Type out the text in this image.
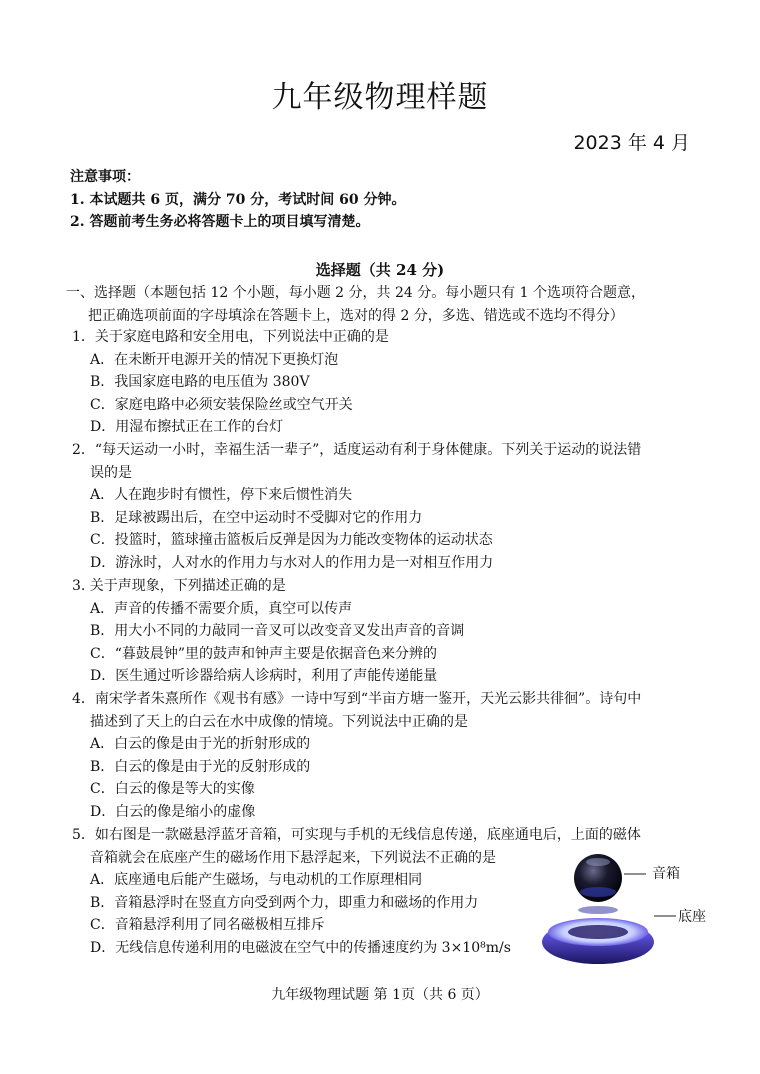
九年级物理样题
2023 年 4 月
注意事项：
1. 本试题共 6 页，满分 70 分，考试时间 60 分钟。
2. 答题前考生务必将答题卡上的项目填写清楚。
选择题（共 24 分)
一、选择题（本题包括 12 个小题，每小题 2 分，共 24 分。每小题只有 1 个选项符合题意，
把正确选项前面的字母填涂在答题卡上，选对的得 2 分，多选、错选或不选均不得分）
1．关于家庭电路和安全用电，下列说法中正确的是
A．在未断开电源开关的情况下更换灯泡
B．我国家庭电路的电压值为 380V
C．家庭电路中必须安装保险丝或空气开关
D．用湿布擦拭正在工作的台灯
2．“每天运动一小时，幸福生活一辈子”，适度运动有利于身体健康。下列关于运动的说法错
误的是
A．人在跑步时有惯性，停下来后惯性消失
B．足球被踢出后，在空中运动时不受脚对它的作用力
C．投篮时，篮球撞击篮板后反弹是因为力能改变物体的运动状态
D．游泳时，人对水的作用力与水对人的作用力是一对相互作用力
3. 关于声现象，下列描述正确的是
A．声音的传播不需要介质，真空可以传声
B．用大小不同的力敲同一音叉可以改变音叉发出声音的音调
C．“暮鼓晨钟”里的鼓声和钟声主要是依据音色来分辨的
D．医生通过听诊器给病人诊病时，利用了声能传递能量
4．南宋学者朱熹所作《观书有感》一诗中写到“半亩方塘一鉴开，天光云影共徘徊”。诗句中
描述到了天上的白云在水中成像的情境。下列说法中正确的是
A．白云的像是由于光的折射形成的
B．白云的像是由于光的反射形成的
C．白云的像是等大的实像
D．白云的像是缩小的虚像
5．如右图是一款磁悬浮蓝牙音箱，可实现与手机的无线信息传递，底座通电后，上面的磁体
音箱就会在底座产生的磁场作用下悬浮起来，下列说法不正确的是
A．底座通电后能产生磁场，与电动机的工作原理相同
B．音箱悬浮时在竖直方向受到两个力，即重力和磁场的作用力
C．音箱悬浮利用了同名磁极相互排斥
D．无线信息传递利用的电磁波在空气中的传播速度约为 3×10⁸m/s
音箱
底座
九年级物理试题 第 1页（共 6 页）
